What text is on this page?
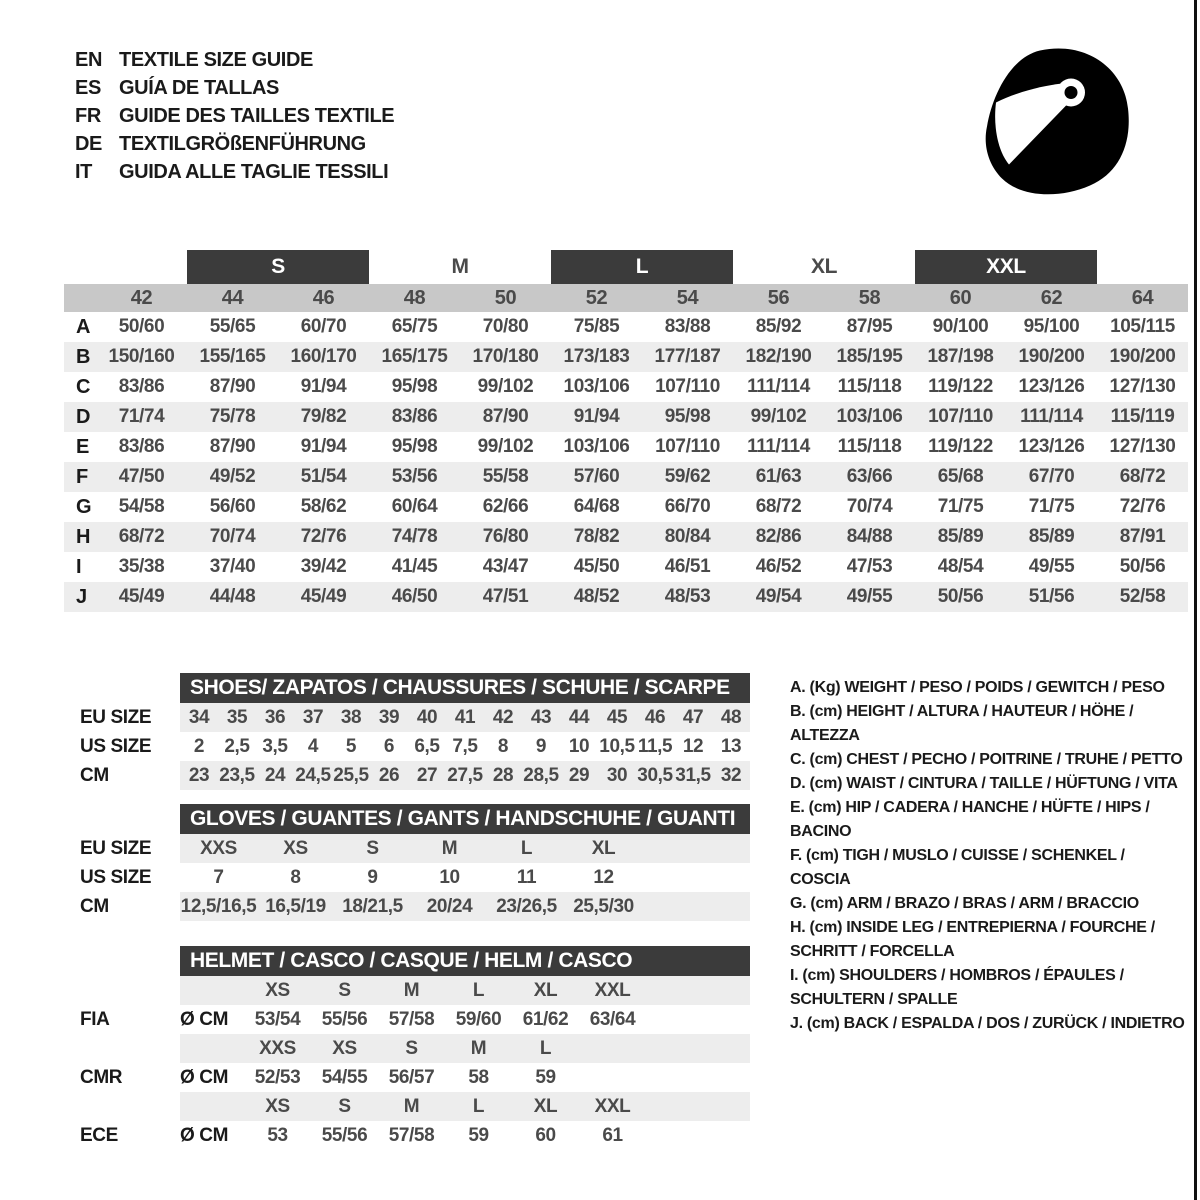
EN TEXTILE SIZE GUIDE
ES GUÍA DE TALLAS
FR GUIDE DES TAILLES TEXTILE
DE TEXTILGRÖßENFÜHRUNG
IT	GUIDA ALLE TAGLIE TESSILI
S	M	L	XL	XXL
42	44	46	48	50	52	54	56	58	60	62	64
A	50/60	55/65	60/70	65/75	70/80	75/85	83/88	85/92	87/95	90/100	95/100	105/115
B 150/160	155/165	160/170	165/175	170/180	173/183	177/187	182/190	185/195	187/198	190/200	190/200
C	83/86	87/90	91/94	95/98	99/102	103/106	107/110	111/114	115/118	119/122	123/126	127/130
D	71/74	75/78	79/82	83/86	87/90	91/94	95/98	99/102	103/106	107/110	111/114	115/119
E	83/86	87/90	91/94	95/98	99/102	103/106	107/110	111/114	115/118	119/122	123/126	127/130
F	47/50	49/52	51/54	53/56	55/58	57/60	59/62	61/63	63/66	65/68	67/70	68/72
G	54/58	56/60	58/62	60/64	62/66	64/68	66/70	68/72	70/74	71/75	71/75	72/76
H	68/72	70/74	72/76	74/78	76/80	78/82	80/84	82/86	84/88	85/89	85/89	87/91
I	35/38	37/40	39/42	41/45	43/47	45/50	46/51	46/52	47/53	48/54	49/55	50/56
J	45/49	44/48	45/49	46/50	47/51	48/52	48/53	49/54	49/55	50/56	51/56	52/58
SHOES/ ZAPATOS / CHAUSSURES / SCHUHE / SCARPE
EU SIZE	34 35 36 37 38 39 40 41 42 43 44 45 46 47 48
US SIZE	2	2,5 3,5	4	5	6	6,5 7,5	8	9	10 10,5 11,5 12 13
CM	23 23,5 24 24,5 25,5 26 27 27,5 28 28,5 29 30 30,5 31,5 32
GLOVES / GUANTES / GANTS / HANDSCHUHE / GUANTI
EU SIZE	XXS	XS	S	M	L	XL
US SIZE	7	8	9	10	11	12
CM	12,5/16,5 16,5/19 18/21,5	20/24	23/26,5 25,5/30
HELMET / CASCO / CASQUE / HELM / CASCO
XS	S	M	L	XL	XXL
FIA	Ø CM	53/54	55/56	57/58	59/60	61/62	63/64
XXS	XS	S	M	L
CMR	Ø CM	52/53	54/55	56/57	58	59
XS	S	M	L	XL	XXL
ECE	Ø CM	53	55/56	57/58	59	60	61
A. (Kg) WEIGHT / PESO / POIDS / GEWITCH / PESO
B. (cm) HEIGHT / ALTURA / HAUTEUR / HÖHE / ALTEZZA
C. (cm) CHEST / PECHO / POITRINE / TRUHE / PETTO
D. (cm) WAIST / CINTURA / TAILLE / HÜFTUNG / VITA
E. (cm) HIP / CADERA / HANCHE / HÜFTE / HIPS / BACINO
F. (cm) TIGH / MUSLO / CUISSE / SCHENKEL / COSCIA
G. (cm) ARM / BRAZO / BRAS / ARM / BRACCIO
H. (cm) INSIDE LEG / ENTREPIERNA / FOURCHE / SCHRITT / FORCELLA
I. (cm) SHOULDERS / HOMBROS / ÉPAULES / SCHULTERN / SPALLE
J. (cm) BACK / ESPALDA / DOS / ZURÜCK / INDIETRO
